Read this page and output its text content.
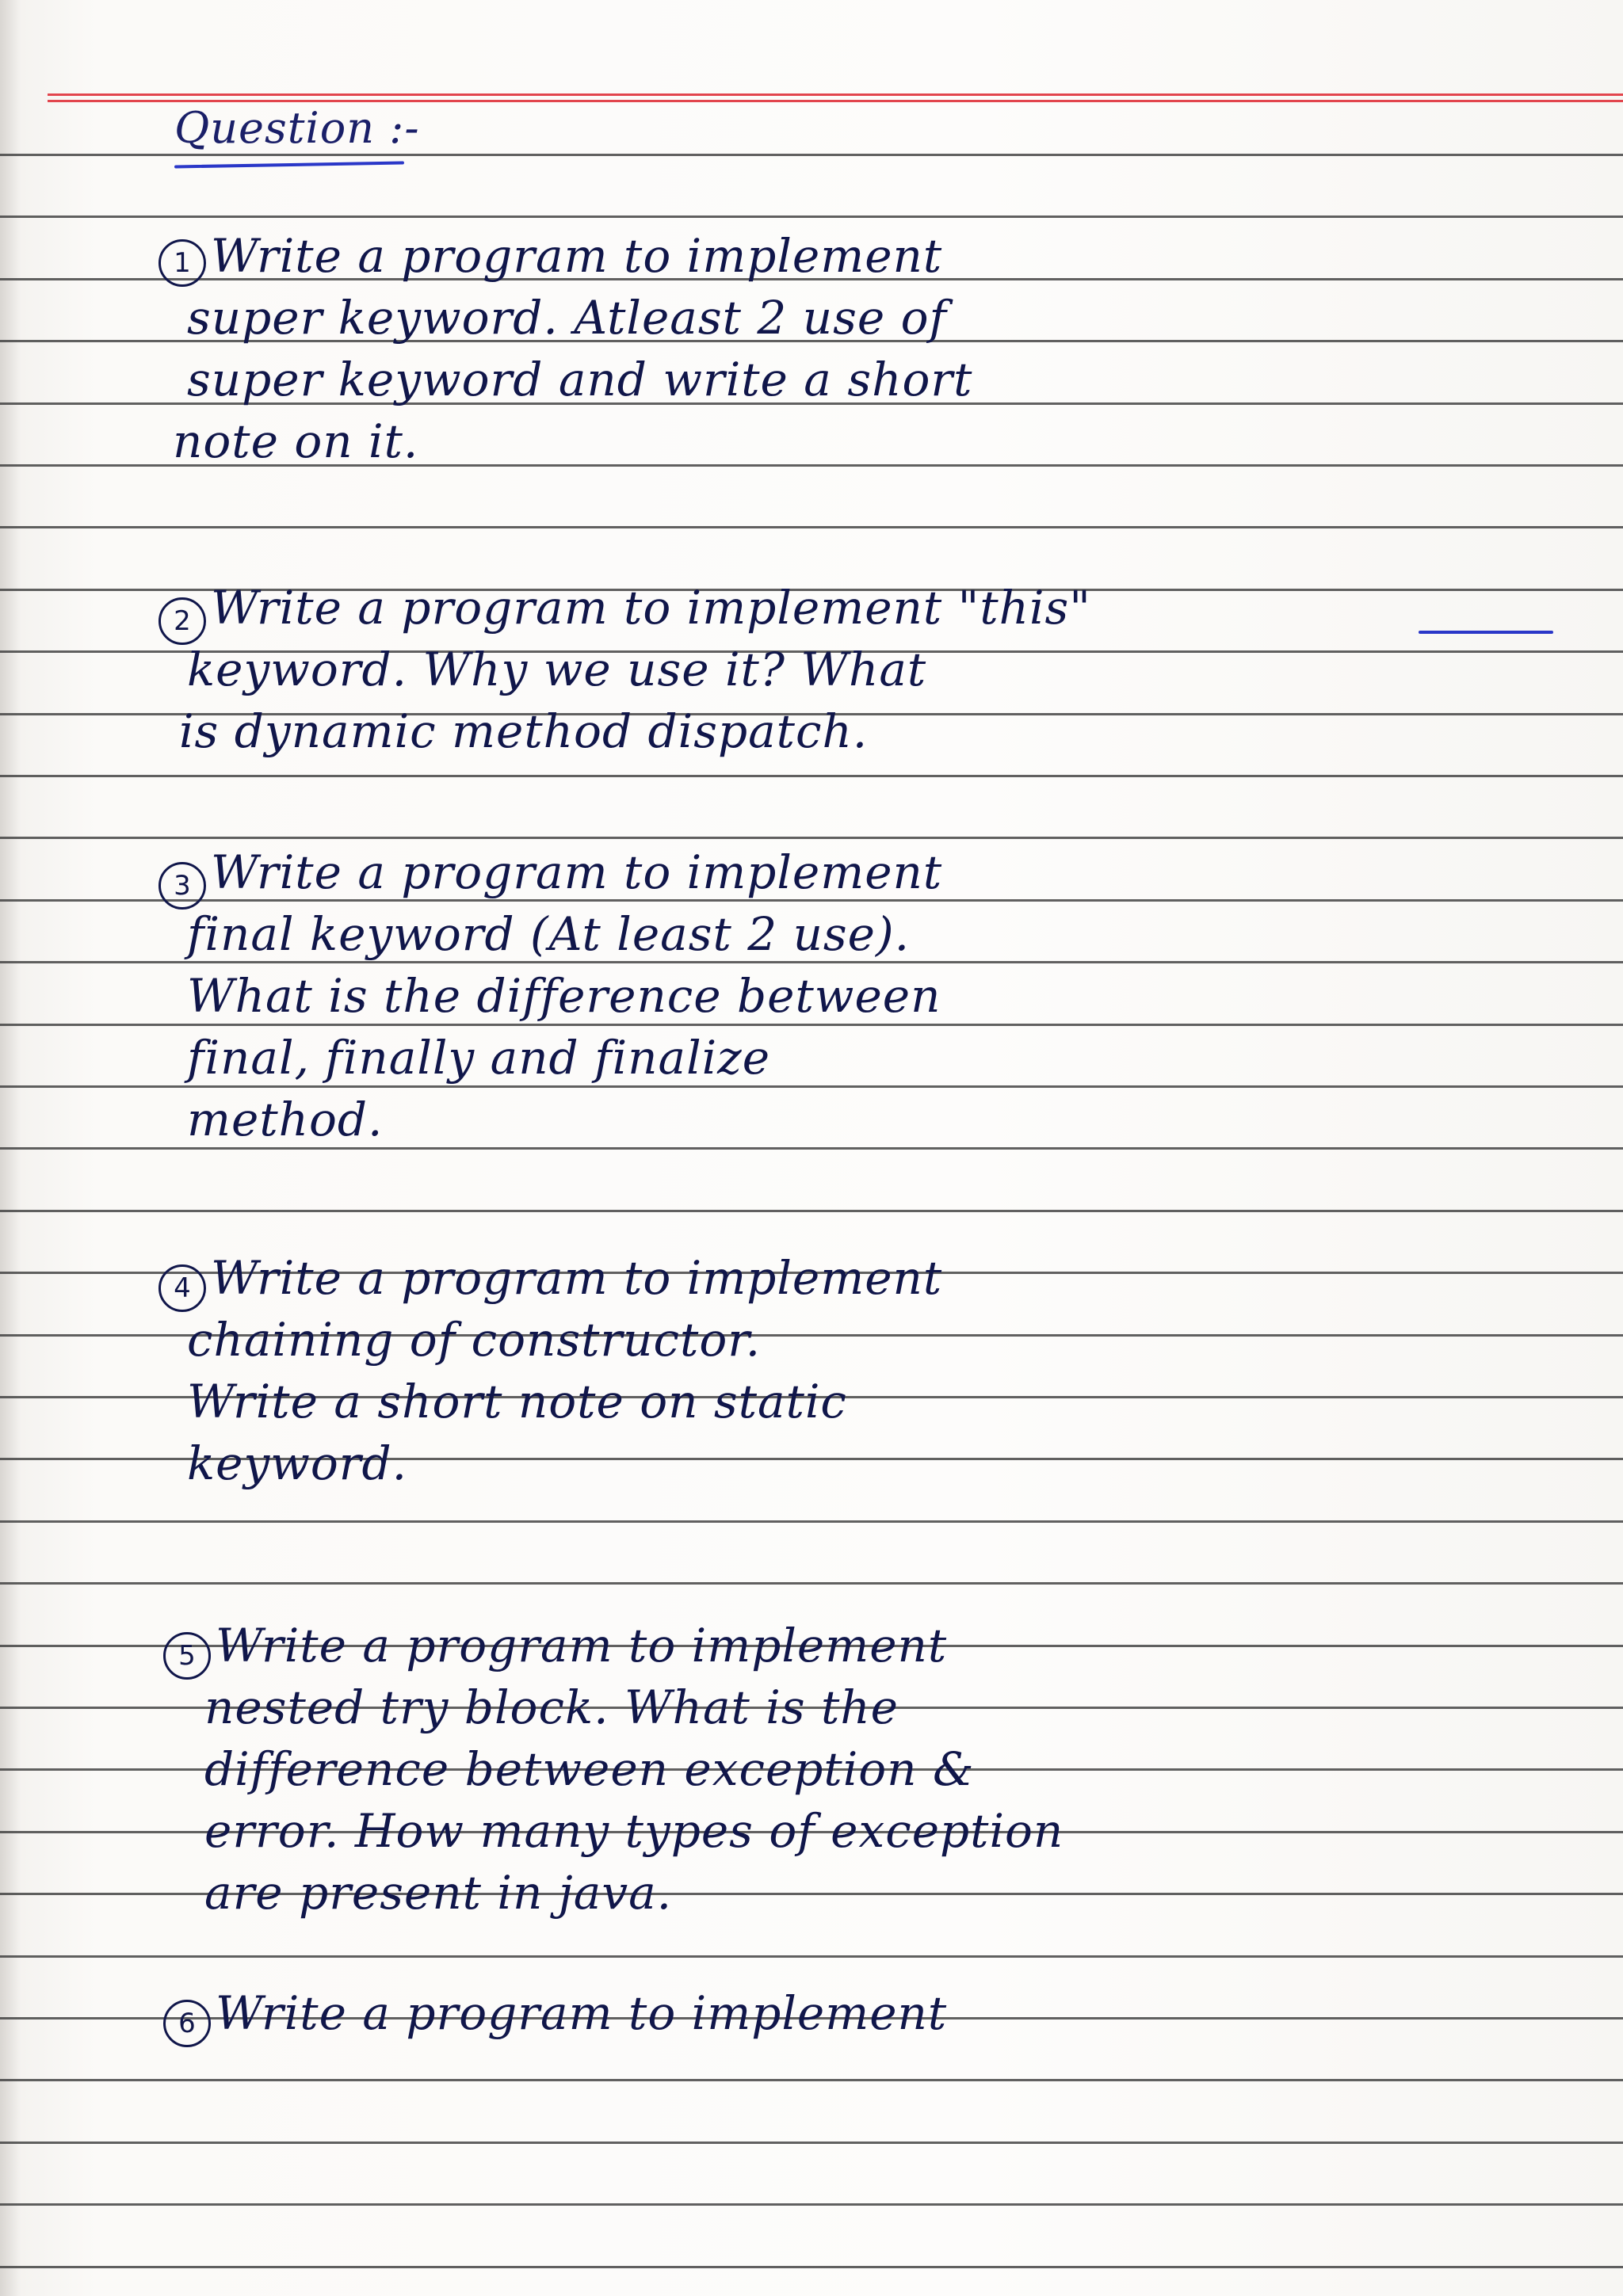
Question :-
1 Write a program to implement
super keyword. Atleast 2 use of
super keyword and write a short
note on it.
2 Write a program to implement "this"
keyword. Why we use it? What
is dynamic method dispatch.
3 Write a program to implement
final keyword (At least 2 use).
What is the difference between
final, finally and finalize
method.
4 Write a program to implement
chaining of constructor.
Write a short note on static
keyword.
5 Write a program to implement
nested try block. What is the
difference between exception &
error. How many types of exception
are present in java.
6 Write a program to implement
